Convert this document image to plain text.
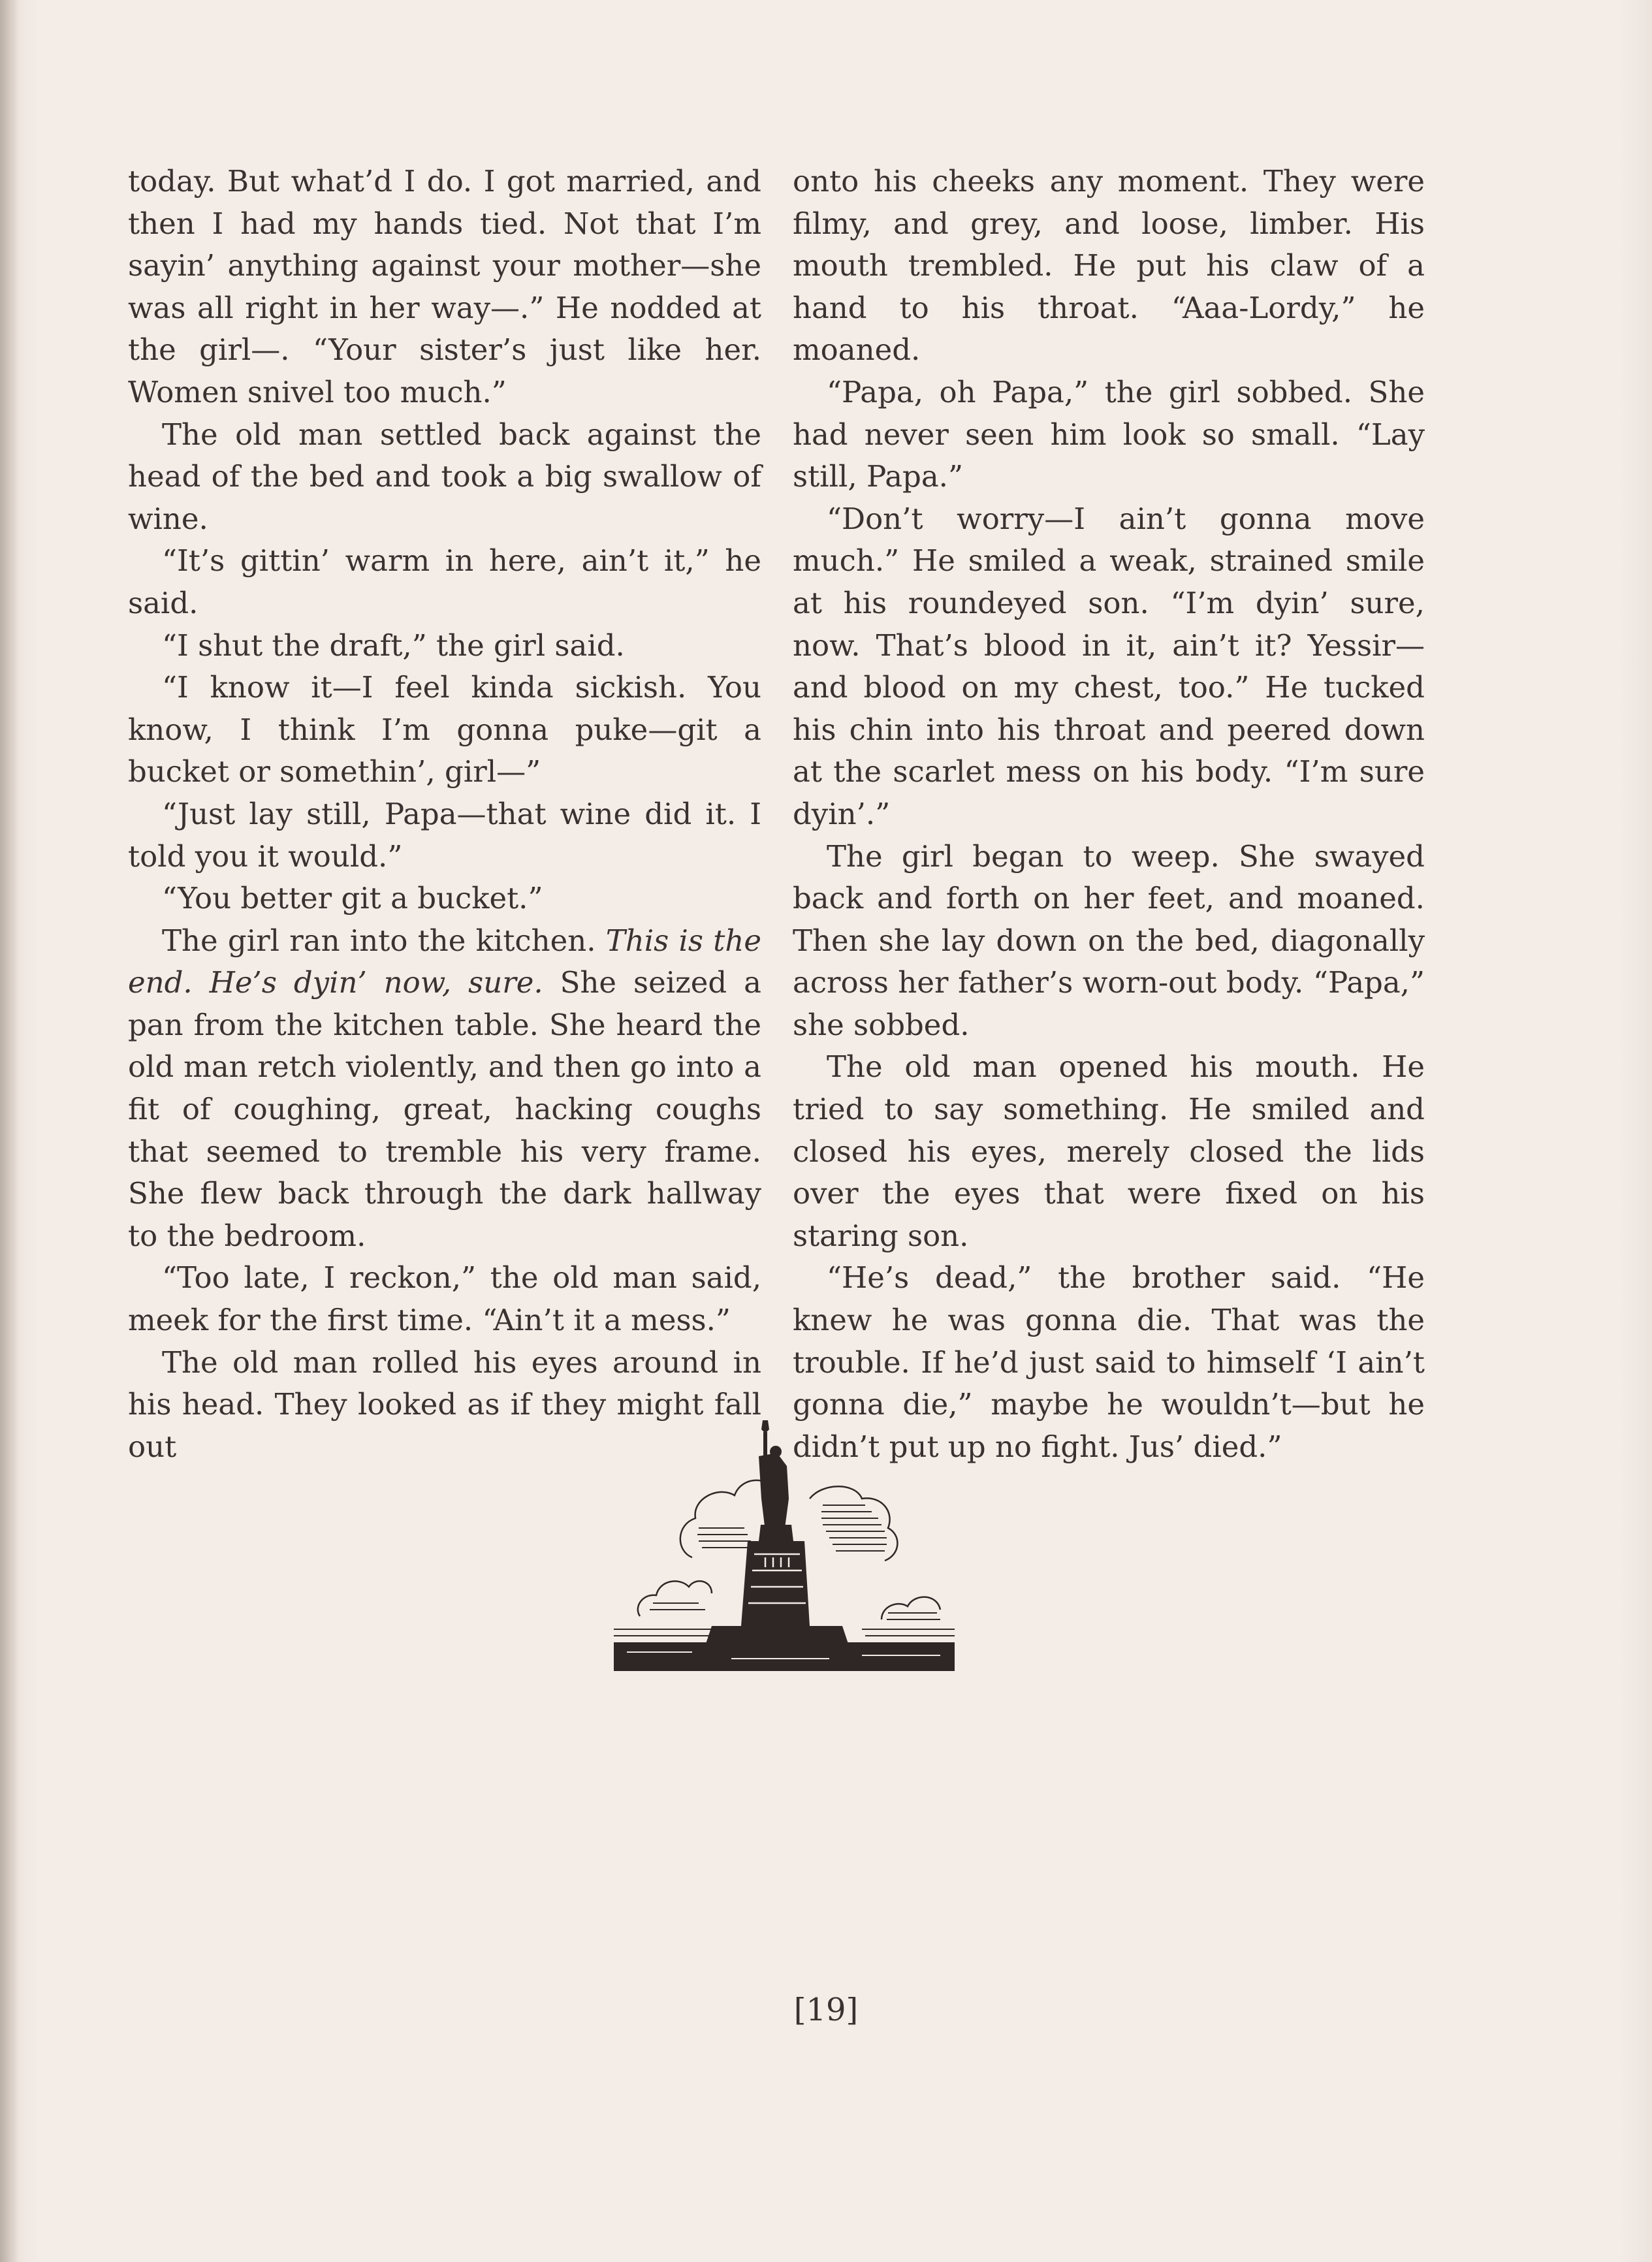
today. But what’d I do. I got married, and then I had my hands tied. Not that I’m sayin’ anything against your mother—she was all right in her way—.” He nodded at the girl—. “Your sister’s just like her. Women snivel too much.”

The old man settled back against the head of the bed and took a big swallow of wine.

“It’s gittin’ warm in here, ain’t it,” he said.

“I shut the draft,” the girl said.

“I know it—I feel kinda sickish. You know, I think I’m gonna puke—git a bucket or somethin’, girl—”

“Just lay still, Papa—that wine did it. I told you it would.”

“You better git a bucket.”

The girl ran into the kitchen. This is the end. He’s dyin’ now, sure. She seized a pan from the kitchen table. She heard the old man retch violently, and then go into a fit of coughing, great, hacking coughs that seemed to tremble his very frame. She flew back through the dark hallway to the bedroom.

“Too late, I reckon,” the old man said, meek for the first time. “Ain’t it a mess.”

The old man rolled his eyes around in his head. They looked as if they might fall out

onto his cheeks any moment. They were filmy, and grey, and loose, limber. His mouth trembled. He put his claw of a hand to his throat. “Aaa-Lordy,” he moaned.

“Papa, oh Papa,” the girl sobbed. She had never seen him look so small. “Lay still, Papa.”

“Don’t worry—I ain’t gonna move much.” He smiled a weak, strained smile at his roundeyed son. “I’m dyin’ sure, now. That’s blood in it, ain’t it? Yessir—and blood on my chest, too.” He tucked his chin into his throat and peered down at the scarlet mess on his body. “I’m sure dyin’.”

The girl began to weep. She swayed back and forth on her feet, and moaned. Then she lay down on the bed, diagonally across her father’s worn-out body. “Papa,” she sobbed.

The old man opened his mouth. He tried to say something. He smiled and closed his eyes, merely closed the lids over the eyes that were fixed on his staring son.

“He’s dead,” the brother said. “He knew he was gonna die. That was the trouble. If he’d just said to himself ‘I ain’t gonna die,” maybe he wouldn’t—but he didn’t put up no fight. Jus’ died.”

[19]
